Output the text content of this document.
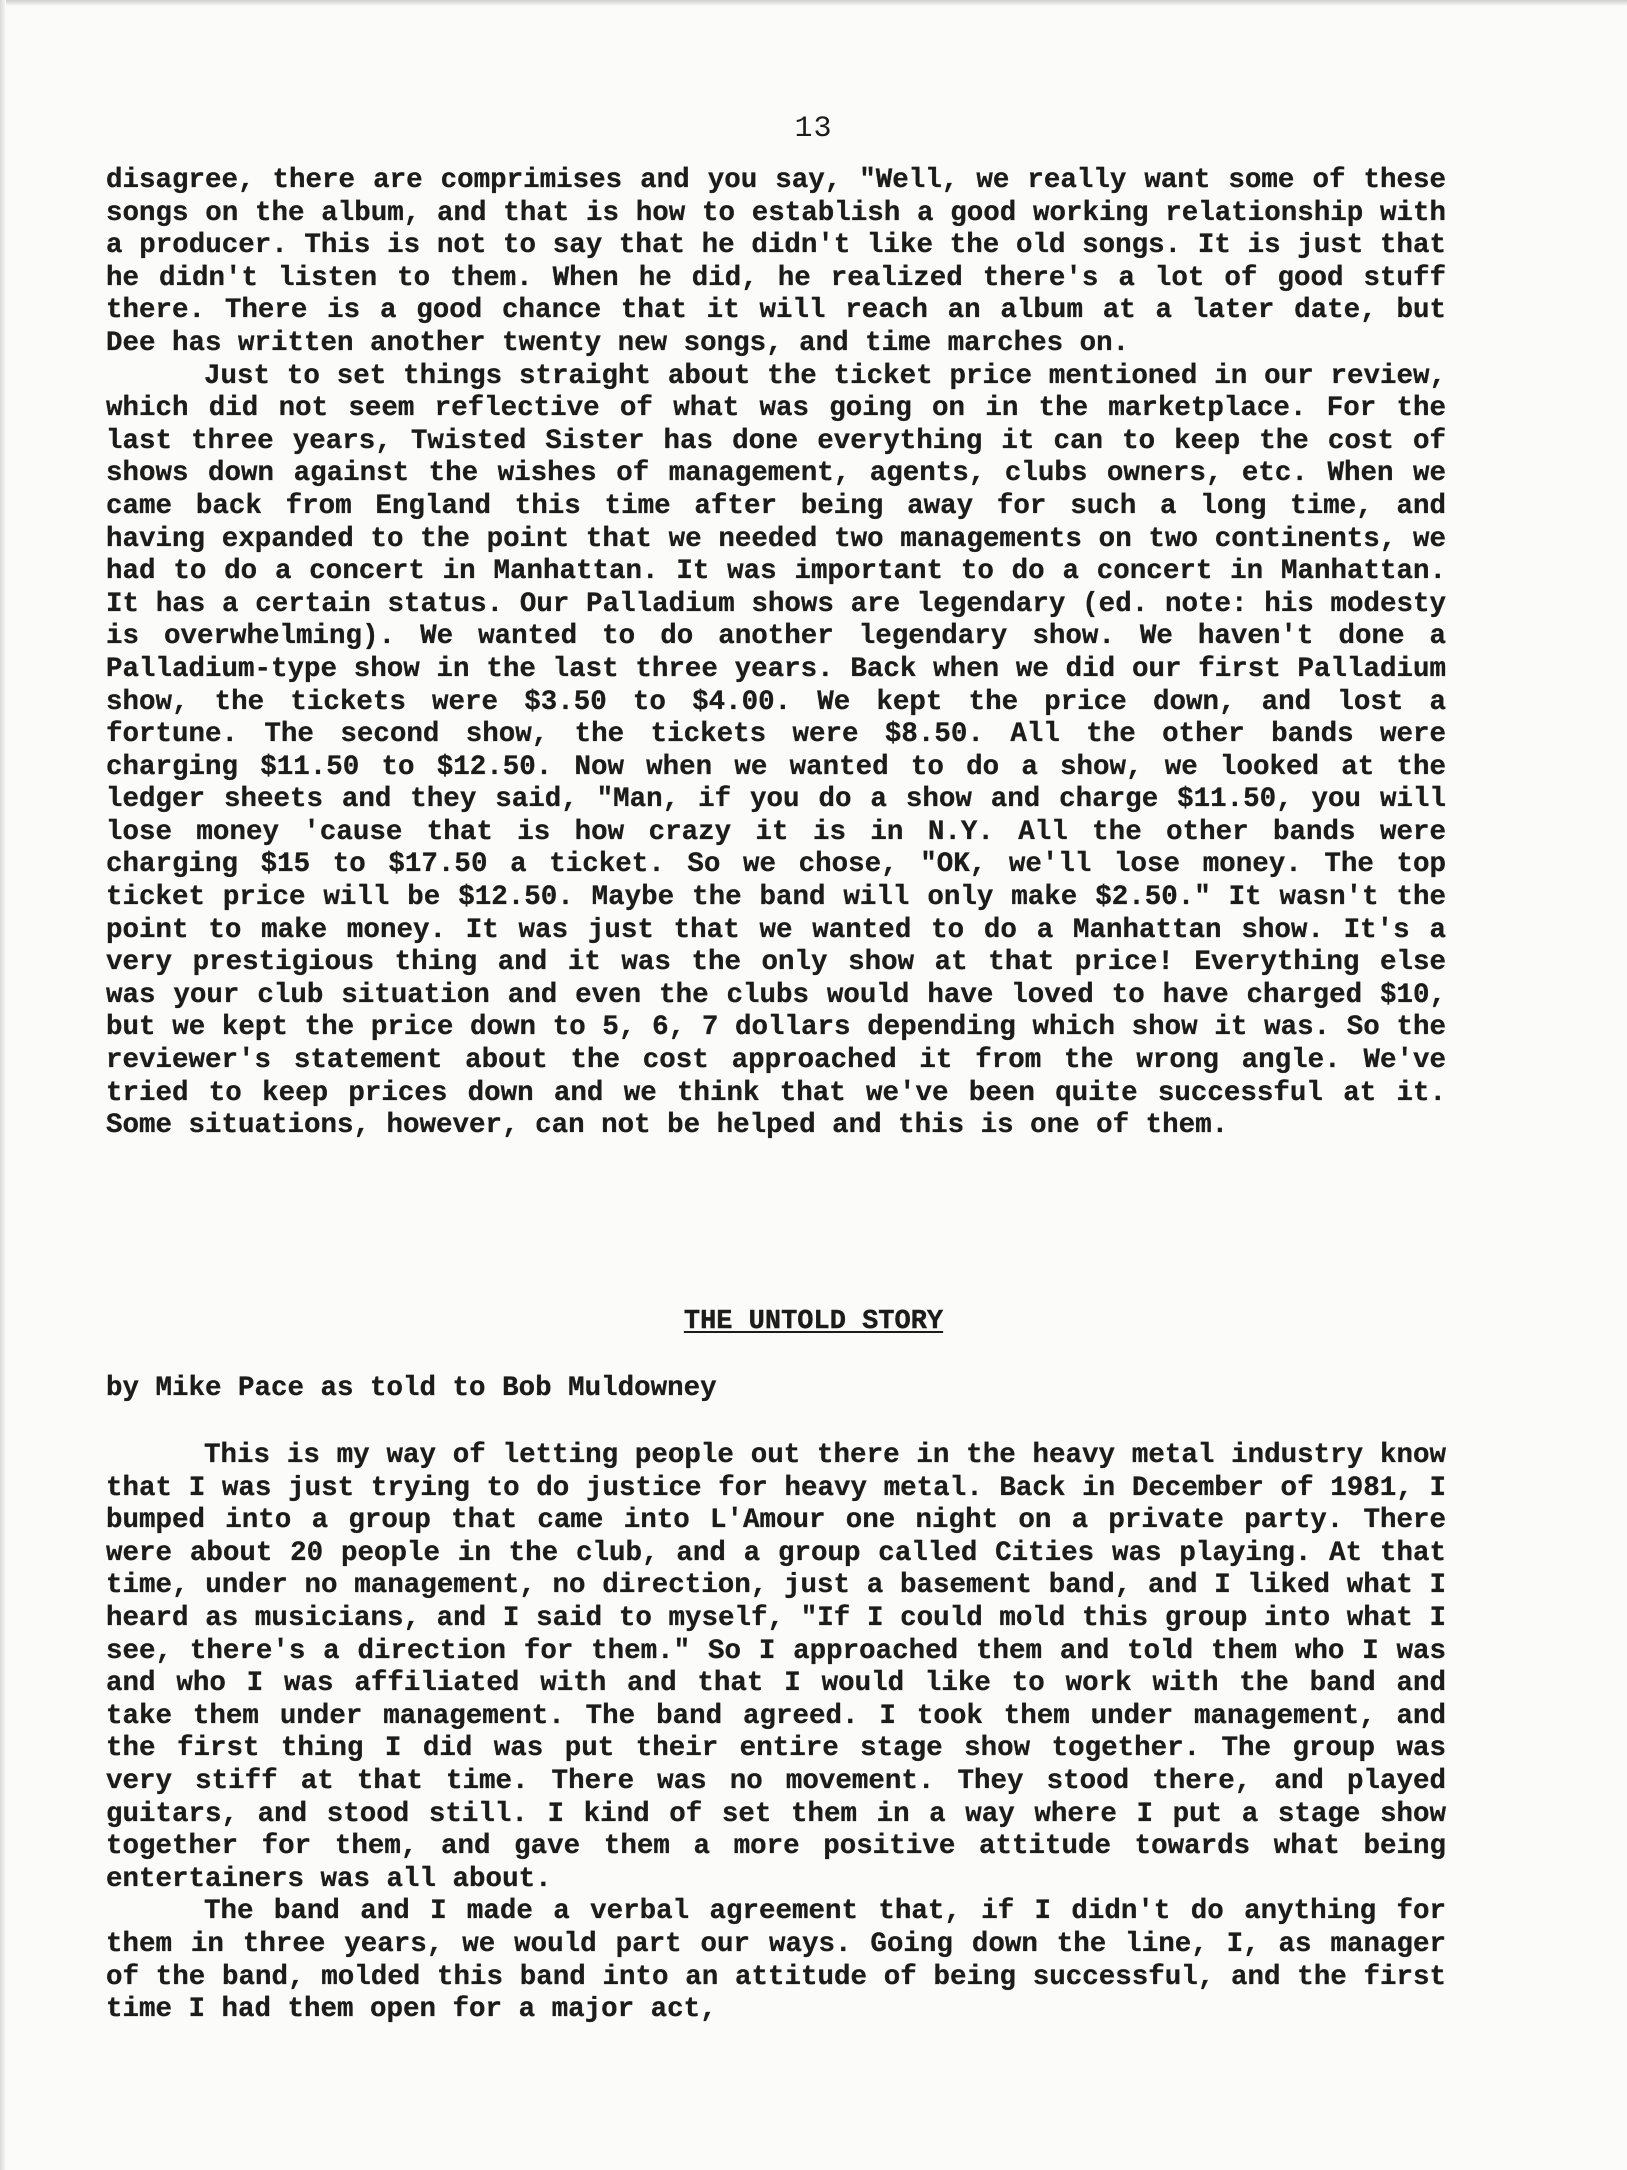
13

disagree, there are comprimises and you say, "Well, we really want some of these songs on the album, and that is how to establish a good working relationship with a producer. This is not to say that he didn't like the old songs. It is just that he didn't listen to them. When he did, he realized there's a lot of good stuff there. There is a good chance that it will reach an album at a later date, but Dee has written another twenty new songs, and time marches on.

Just to set things straight about the ticket price mentioned in our review, which did not seem reflective of what was going on in the marketplace. For the last three years, Twisted Sister has done everything it can to keep the cost of shows down against the wishes of management, agents, clubs owners, etc. When we came back from England this time after being away for such a long time, and having expanded to the point that we needed two managements on two continents, we had to do a concert in Manhattan. It was important to do a concert in Manhattan. It has a certain status. Our Palladium shows are legendary (ed. note: his modesty is overwhelming). We wanted to do another legendary show. We haven't done a Palladium-type show in the last three years. Back when we did our first Palladium show, the tickets were $3.50 to $4.00. We kept the price down, and lost a fortune. The second show, the tickets were $8.50. All the other bands were charging $11.50 to $12.50. Now when we wanted to do a show, we looked at the ledger sheets and they said, "Man, if you do a show and charge $11.50, you will lose money 'cause that is how crazy it is in N.Y. All the other bands were charging $15 to $17.50 a ticket. So we chose, "OK, we'll lose money. The top ticket price will be $12.50. Maybe the band will only make $2.50." It wasn't the point to make money. It was just that we wanted to do a Manhattan show. It's a very prestigious thing and it was the only show at that price! Everything else was your club situation and even the clubs would have loved to have charged $10, but we kept the price down to 5, 6, 7 dollars depending which show it was. So the reviewer's statement about the cost approached it from the wrong angle. We've tried to keep prices down and we think that we've been quite successful at it. Some situations, however, can not be helped and this is one of them.

THE UNTOLD STORY
by Mike Pace as told to Bob Muldowney

This is my way of letting people out there in the heavy metal industry know that I was just trying to do justice for heavy metal. Back in December of 1981, I bumped into a group that came into L'Amour one night on a private party. There were about 20 people in the club, and a group called Cities was playing. At that time, under no management, no direction, just a basement band, and I liked what I heard as musicians, and I said to myself, "If I could mold this group into what I see, there's a direction for them." So I approached them and told them who I was and who I was affiliated with and that I would like to work with the band and take them under management. The band agreed. I took them under management, and the first thing I did was put their entire stage show together. The group was very stiff at that time. There was no movement. They stood there, and played guitars, and stood still. I kind of set them in a way where I put a stage show together for them, and gave them a more positive attitude towards what being entertainers was all about.

The band and I made a verbal agreement that, if I didn't do anything for them in three years, we would part our ways. Going down the line, I, as manager of the band, molded this band into an attitude of being successful, and the first time I had them open for a major act,
